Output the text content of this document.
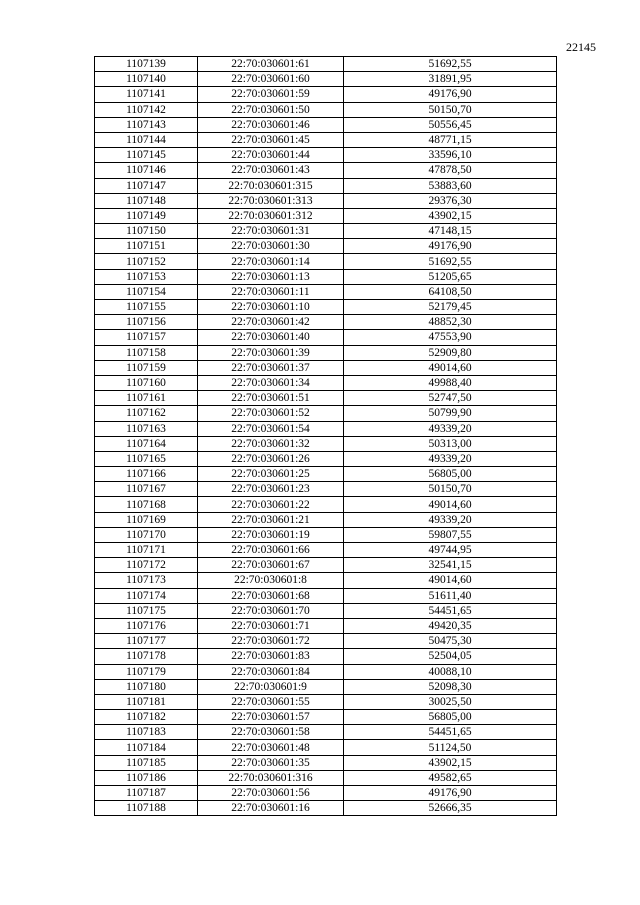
22145
1107139	22:70:030601:61	51692,55
1107140	22:70:030601:60	31891,95
1107141	22:70:030601:59	49176,90
1107142	22:70:030601:50	50150,70
1107143	22:70:030601:46	50556,45
1107144	22:70:030601:45	48771,15
1107145	22:70:030601:44	33596,10
1107146	22:70:030601:43	47878,50
1107147	22:70:030601:315	53883,60
1107148	22:70:030601:313	29376,30
1107149	22:70:030601:312	43902,15
1107150	22:70:030601:31	47148,15
1107151	22:70:030601:30	49176,90
1107152	22:70:030601:14	51692,55
1107153	22:70:030601:13	51205,65
1107154	22:70:030601:11	64108,50
1107155	22:70:030601:10	52179,45
1107156	22:70:030601:42	48852,30
1107157	22:70:030601:40	47553,90
1107158	22:70:030601:39	52909,80
1107159	22:70:030601:37	49014,60
1107160	22:70:030601:34	49988,40
1107161	22:70:030601:51	52747,50
1107162	22:70:030601:52	50799,90
1107163	22:70:030601:54	49339,20
1107164	22:70:030601:32	50313,00
1107165	22:70:030601:26	49339,20
1107166	22:70:030601:25	56805,00
1107167	22:70:030601:23	50150,70
1107168	22:70:030601:22	49014,60
1107169	22:70:030601:21	49339,20
1107170	22:70:030601:19	59807,55
1107171	22:70:030601:66	49744,95
1107172	22:70:030601:67	32541,15
1107173	22:70:030601:8	49014,60
1107174	22:70:030601:68	51611,40
1107175	22:70:030601:70	54451,65
1107176	22:70:030601:71	49420,35
1107177	22:70:030601:72	50475,30
1107178	22:70:030601:83	52504,05
1107179	22:70:030601:84	40088,10
1107180	22:70:030601:9	52098,30
1107181	22:70:030601:55	30025,50
1107182	22:70:030601:57	56805,00
1107183	22:70:030601:58	54451,65
1107184	22:70:030601:48	51124,50
1107185	22:70:030601:35	43902,15
1107186	22:70:030601:316	49582,65
1107187	22:70:030601:56	49176,90
1107188	22:70:030601:16	52666,35
